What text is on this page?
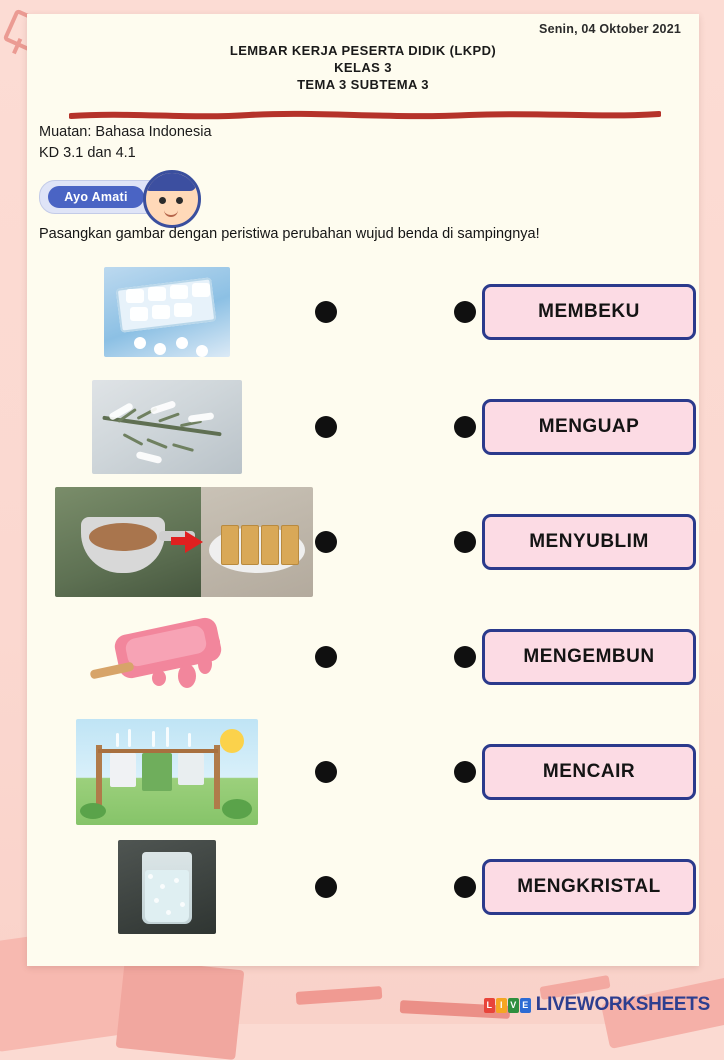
Senin, 04 Oktober 2021
LEMBAR KERJA PESERTA DIDIK (LKPD)
KELAS 3
TEMA 3 SUBTEMA 3
Muatan: Bahasa Indonesia
KD 3.1 dan 4.1
Ayo Amati
Pasangkan gambar dengan peristiwa perubahan wujud benda di sampingnya!
MEMBEKU
MENGUAP
MENYUBLIM
MENGEMBUN
MENCAIR
MENGKRISTAL
L I V E LIVEWORKSHEETS
